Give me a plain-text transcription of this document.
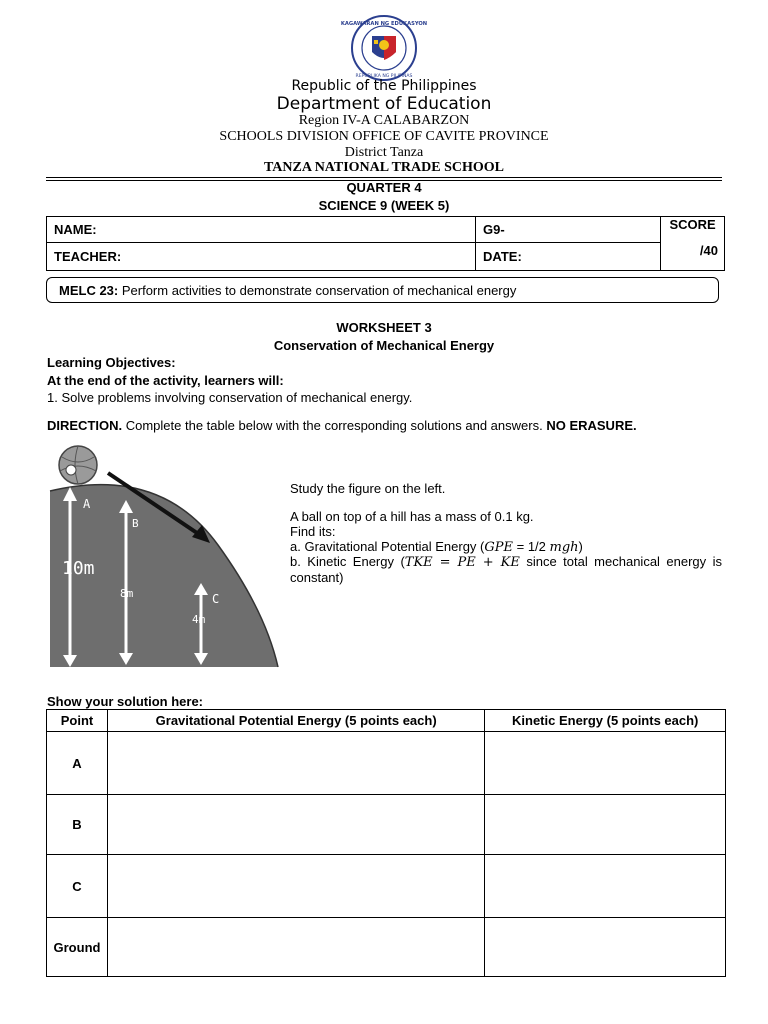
KAGAWARAN NG EDUKASYON
REPUBLIKA NG PILIPINAS
Republic of the Philippines
Department of Education
Region IV-A CALABARZON
SCHOOLS DIVISION OFFICE OF CAVITE PROVINCE
District Tanza
TANZA NATIONAL TRADE SCHOOL
QUARTER 4
SCIENCE 9 (WEEK 5)
NAME:	G9-	SCORE
/40

TEACHER:	DATE:	
MELC 23: Perform activities to demonstrate conservation of mechanical energy
WORKSHEET 3
Conservation of Mechanical Energy
Learning Objectives:
At the end of the activity, learners will:
1. Solve problems involving conservation of mechanical energy.
DIRECTION. Complete the table below with the corresponding solutions and answers. NO ERASURE.
A
B
C
10m
8m
4m
Study the figure on the left.
A ball on top of a hill has a mass of 0.1 kg.
Find its:
a. Gravitational Potential Energy (GPE = 1/2 mgh)
b. Kinetic Energy (TKE = PE + KE since total mechanical energy is constant)
Show your solution here:
Point	Gravitational Potential Energy (5 points each)	Kinetic Energy (5 points each)
A		
B		
C		
Ground		
